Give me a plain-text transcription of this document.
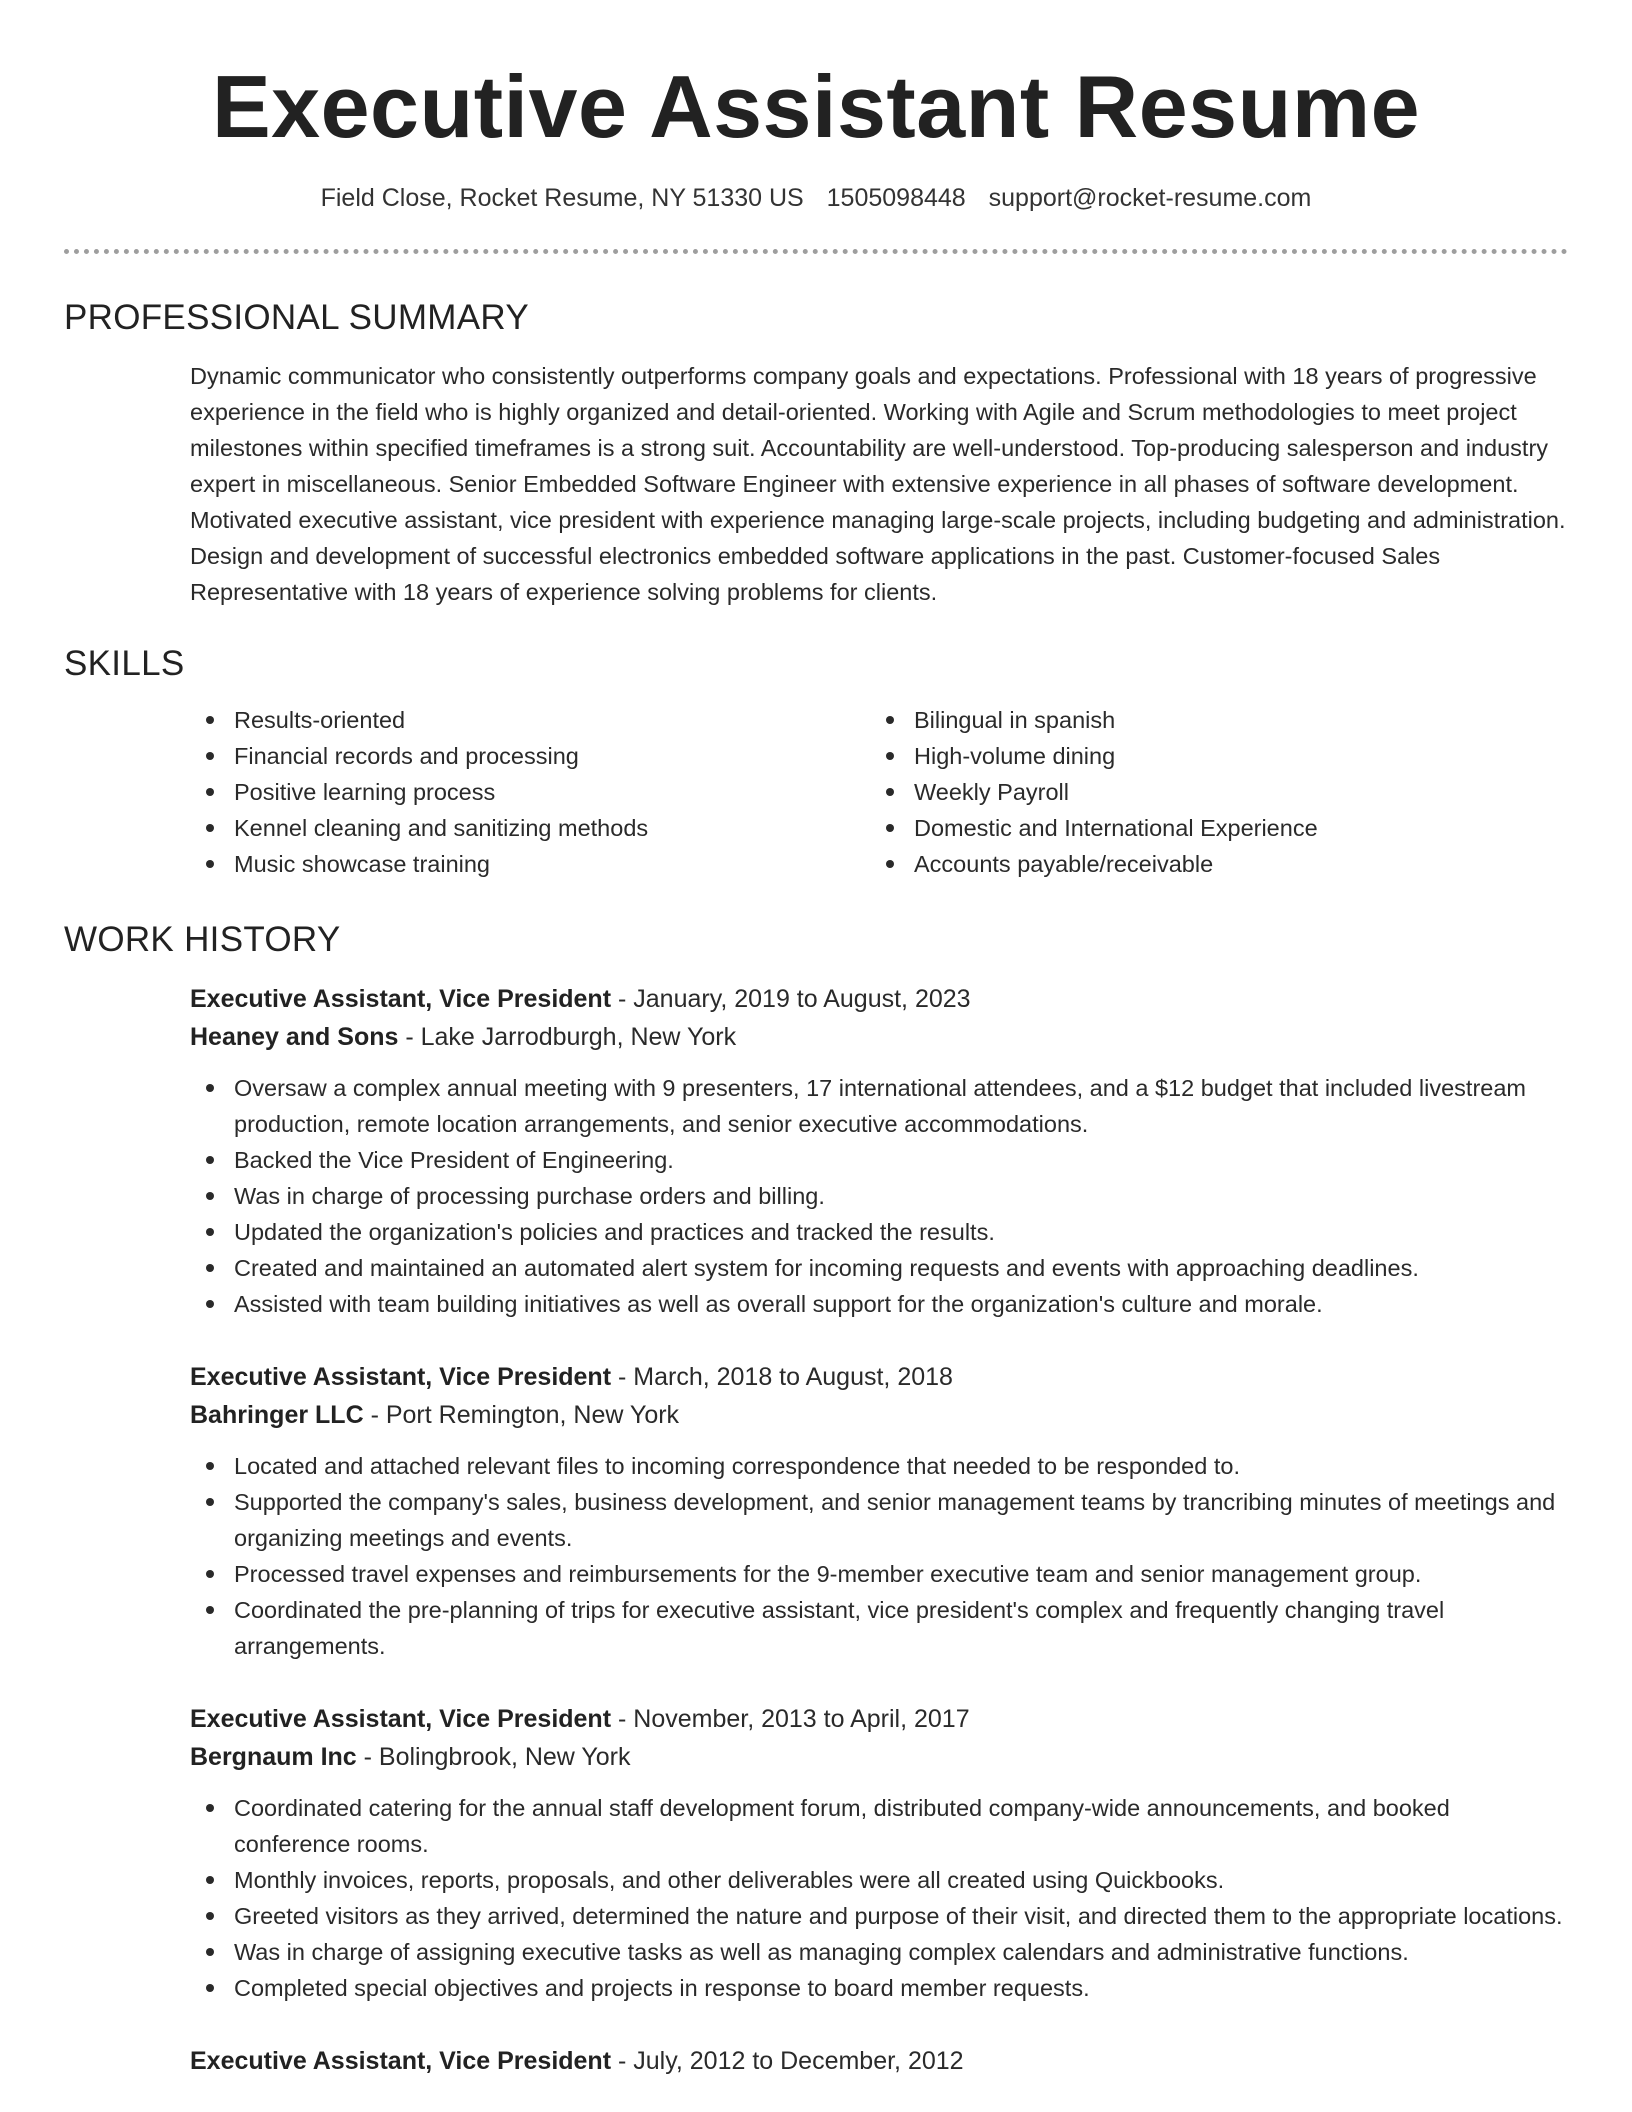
Executive Assistant Resume
Field Close, Rocket Resume, NY 51330 US 1505098448 support@rocket-resume.com
PROFESSIONAL SUMMARY

Dynamic communicator who consistently outperforms company goals and expectations. Professional with 18 years of progressive experience in the field who is highly organized and detail-oriented. Working with Agile and Scrum methodologies to meet project milestones within specified timeframes is a strong suit. Accountability are well-understood. Top-producing salesperson and industry expert in miscellaneous. Senior Embedded Software Engineer with extensive experience in all phases of software development. Motivated executive assistant, vice president with experience managing large-scale projects, including budgeting and administration. Design and development of successful electronics embedded software applications in the past. Customer-focused Sales Representative with 18 years of experience solving problems for clients.

SKILLS
Results-oriented
Financial records and processing
Positive learning process
Kennel cleaning and sanitizing methods
Music showcase training
Bilingual in spanish
High-volume dining
Weekly Payroll
Domestic and International Experience
Accounts payable/receivable
WORK HISTORY
Executive Assistant, Vice President - January, 2019 to August, 2023
Heaney and Sons - Lake Jarrodburgh, New York
Oversaw a complex annual meeting with 9 presenters, 17 international attendees, and a $12 budget that included livestream production, remote location arrangements, and senior executive accommodations.
Backed the Vice President of Engineering.
Was in charge of processing purchase orders and billing.
Updated the organization's policies and practices and tracked the results.
Created and maintained an automated alert system for incoming requests and events with approaching deadlines.
Assisted with team building initiatives as well as overall support for the organization's culture and morale.
Executive Assistant, Vice President - March, 2018 to August, 2018
Bahringer LLC - Port Remington, New York
Located and attached relevant files to incoming correspondence that needed to be responded to.
Supported the company's sales, business development, and senior management teams by trancribing minutes of meetings and organizing meetings and events.
Processed travel expenses and reimbursements for the 9-member executive team and senior management group.
Coordinated the pre-planning of trips for executive assistant, vice president's complex and frequently changing travel arrangements.
Executive Assistant, Vice President - November, 2013 to April, 2017
Bergnaum Inc - Bolingbrook, New York
Coordinated catering for the annual staff development forum, distributed company-wide announcements, and booked conference rooms.
Monthly invoices, reports, proposals, and other deliverables were all created using Quickbooks.
Greeted visitors as they arrived, determined the nature and purpose of their visit, and directed them to the appropriate locations.
Was in charge of assigning executive tasks as well as managing complex calendars and administrative functions.
Completed special objectives and projects in response to board member requests.
Executive Assistant, Vice President - July, 2012 to December, 2012
